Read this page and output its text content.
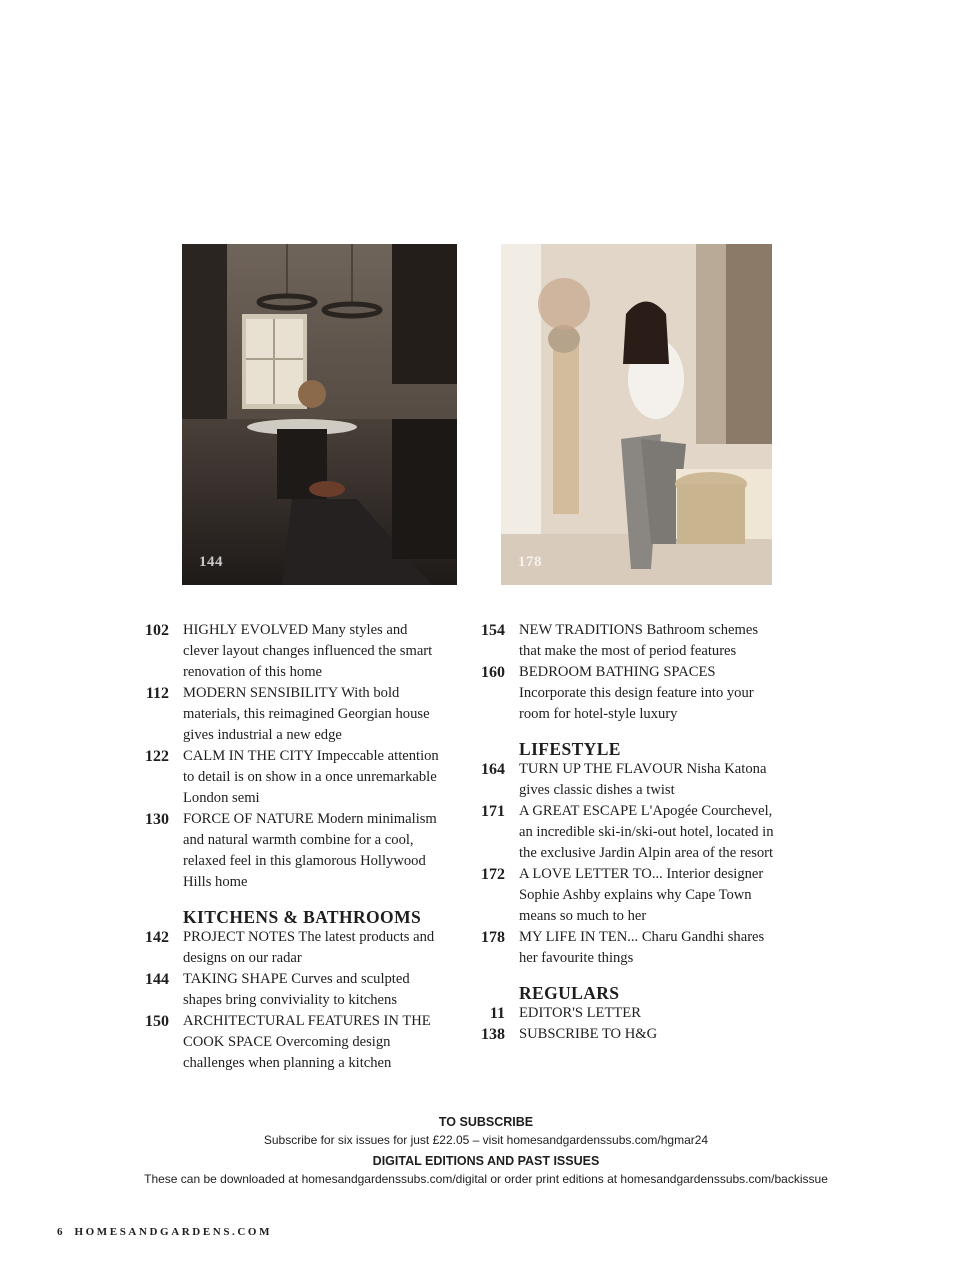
144	178
102 HIGHLY EVOLVED Many styles and clever layout changes influenced the smart renovation of this home
112 MODERN SENSIBILITY With bold materials, this reimagined Georgian house gives industrial a new edge
122 CALM IN THE CITY Impeccable attention to detail is on show in a once unremarkable London semi
130 FORCE OF NATURE Modern minimalism and natural warmth combine for a cool, relaxed feel in this glamorous Hollywood Hills home
KITCHENS & BATHROOMS
142 PROJECT NOTES The latest products and designs on our radar
144 TAKING SHAPE Curves and sculpted shapes bring conviviality to kitchens
150 ARCHITECTURAL FEATURES IN THE COOK SPACE Overcoming design challenges when planning a kitchen
154 NEW TRADITIONS Bathroom schemes that make the most of period features
160 BEDROOM BATHING SPACES Incorporate this design feature into your room for hotel-style luxury
LIFESTYLE
164 TURN UP THE FLAVOUR Nisha Katona gives classic dishes a twist
171 A GREAT ESCAPE L'Apogée Courchevel, an incredible ski-in/ski-out hotel, located in the exclusive Jardin Alpin area of the resort
172 A LOVE LETTER TO... Interior designer Sophie Ashby explains why Cape Town means so much to her
178 MY LIFE IN TEN... Charu Gandhi shares her favourite things
REGULARS
11 EDITOR'S LETTER
138 SUBSCRIBE TO H&G
TO SUBSCRIBE
Subscribe for six issues for just £22.05 – visit homesandgardenssubs.com/hgmar24
DIGITAL EDITIONS AND PAST ISSUES
These can be downloaded at homesandgardenssubs.com/digital or order print editions at homesandgardenssubs.com/backissue
6 HOMESANDGARDENS.COM
